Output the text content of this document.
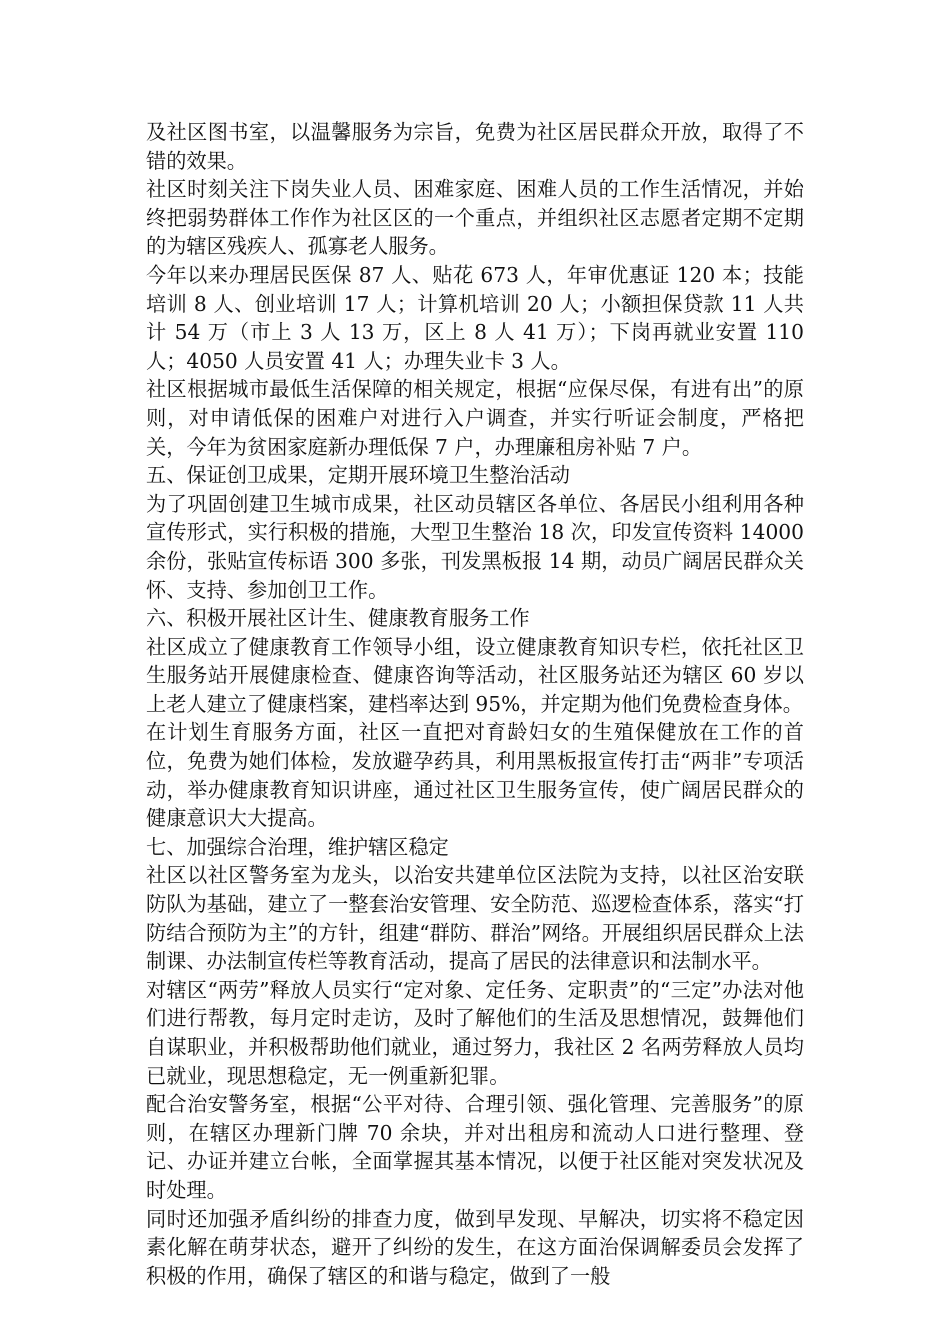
及社区图书室，以温馨服务为宗旨，免费为社区居民群众开放，取得了不错的效果。

社区时刻关注下岗失业人员、困难家庭、困难人员的工作生活情况，并始终把弱势群体工作作为社区区的一个重点，并组织社区志愿者定期不定期的为辖区残疾人、孤寡老人服务。

今年以来办理居民医保 87 人、贴花 673 人，年审优惠证 120 本；技能培训 8 人、创业培训 17 人；计算机培训 20 人；小额担保贷款 11 人共计 54 万（市上 3 人 13 万，区上 8 人 41 万）；下岗再就业安置 110 人；4050 人员安置 41 人；办理失业卡 3 人。

社区根据城市最低生活保障的相关规定，根据“应保尽保，有进有出”的原则，对申请低保的困难户对进行入户调查，并实行听证会制度，严格把关，今年为贫困家庭新办理低保 7 户，办理廉租房补贴 7 户。

五、保证创卫成果，定期开展环境卫生整治活动

为了巩固创建卫生城市成果，社区动员辖区各单位、各居民小组利用各种宣传形式，实行积极的措施，大型卫生整治 18 次，印发宣传资料 14000 余份，张贴宣传标语 300 多张，刊发黑板报 14 期，动员广阔居民群众关怀、支持、参加创卫工作。

六、积极开展社区计生、健康教育服务工作

社区成立了健康教育工作领导小组，设立健康教育知识专栏，依托社区卫生服务站开展健康检查、健康咨询等活动，社区服务站还为辖区 60 岁以上老人建立了健康档案，建档率达到 95%，并定期为他们免费检查身体。

在计划生育服务方面，社区一直把对育龄妇女的生殖保健放在工作的首位，免费为她们体检，发放避孕药具，利用黑板报宣传打击“两非”专项活动，举办健康教育知识讲座，通过社区卫生服务宣传，使广阔居民群众的健康意识大大提高。

七、加强综合治理，维护辖区稳定

社区以社区警务室为龙头，以治安共建单位区法院为支持，以社区治安联防队为基础，建立了一整套治安管理、安全防范、巡逻检查体系，落实“打防结合预防为主”的方针，组建“群防、群治”网络。开展组织居民群众上法制课、办法制宣传栏等教育活动，提高了居民的法律意识和法制水平。

对辖区“两劳”释放人员实行“定对象、定任务、定职责”的“三定”办法对他们进行帮教，每月定时走访，及时了解他们的生活及思想情况，鼓舞他们自谋职业，并积极帮助他们就业，通过努力，我社区 2 名两劳释放人员均已就业，现思想稳定，无一例重新犯罪。

配合治安警务室，根据“公平对待、合理引领、强化管理、完善服务”的原则，在辖区办理新门牌 70 余块，并对出租房和流动人口进行整理、登记、办证并建立台帐，全面掌握其基本情况，以便于社区能对突发状况及时处理。

同时还加强矛盾纠纷的排查力度，做到早发现、早解决，切实将不稳定因素化解在萌芽状态，避开了纠纷的发生，在这方面治保调解委员会发挥了积极的作用，确保了辖区的和谐与稳定，做到了一般
